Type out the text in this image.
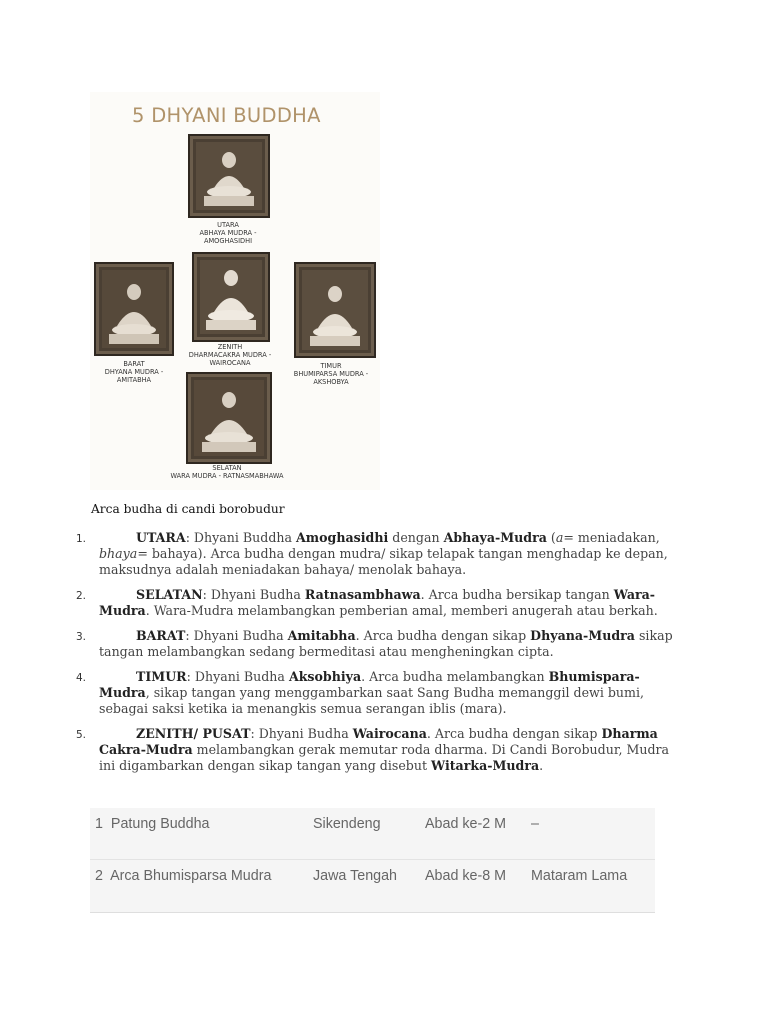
5 DHYANI BUDDHA
UTARA
ABHAYA MUDRA -
AMOGHASIDHI
ZENITH
DHARMACAKRA MUDRA -
WAIROCANA
BARAT
DHYANA MUDRA -
AMITABHA
TIMUR
BHUMIPARSA MUDRA -
AKSHOBYA
SELATAN
WARA MUDRA - RATNASMABHAWA
Arca budha di candi borobudur
1.	UTARA: Dhyani Buddha Amoghasidhi dengan Abhaya-Mudra (a= meniadakan, bhaya= bahaya). Arca budha dengan mudra/ sikap telapak tangan menghadap ke depan, maksudnya adalah meniadakan bahaya/ menolak bahaya.
2.	SELATAN: Dhyani Budha Ratnasambhawa. Arca budha bersikap tangan Wara-Mudra. Wara-Mudra melambangkan pemberian amal, memberi anugerah atau berkah.
3.	BARAT: Dhyani Budha Amitabha. Arca budha dengan sikap Dhyana-Mudra sikap tangan melambangkan sedang bermeditasi atau mengheningkan cipta.
4.	TIMUR: Dhyani Budha Aksobhiya. Arca budha melambangkan Bhumispara-Mudra, sikap tangan yang menggambarkan saat Sang Budha memanggil dewi bumi, sebagai saksi ketika ia menangkis semua serangan iblis (mara).
5.	ZENITH/ PUSAT: Dhyani Budha Wairocana. Arca budha dengan sikap Dharma Cakra-Mudra melambangkan gerak memutar roda dharma. Di Candi Borobudur, Mudra ini digambarkan dengan sikap tangan yang disebut Witarka-Mudra.
1 Patung Buddha	Sikendeng	Abad ke-2 M	–
2 Arca Bhumisparsa Mudra	Jawa Tengah	Abad ke-8 M	Mataram Lama
